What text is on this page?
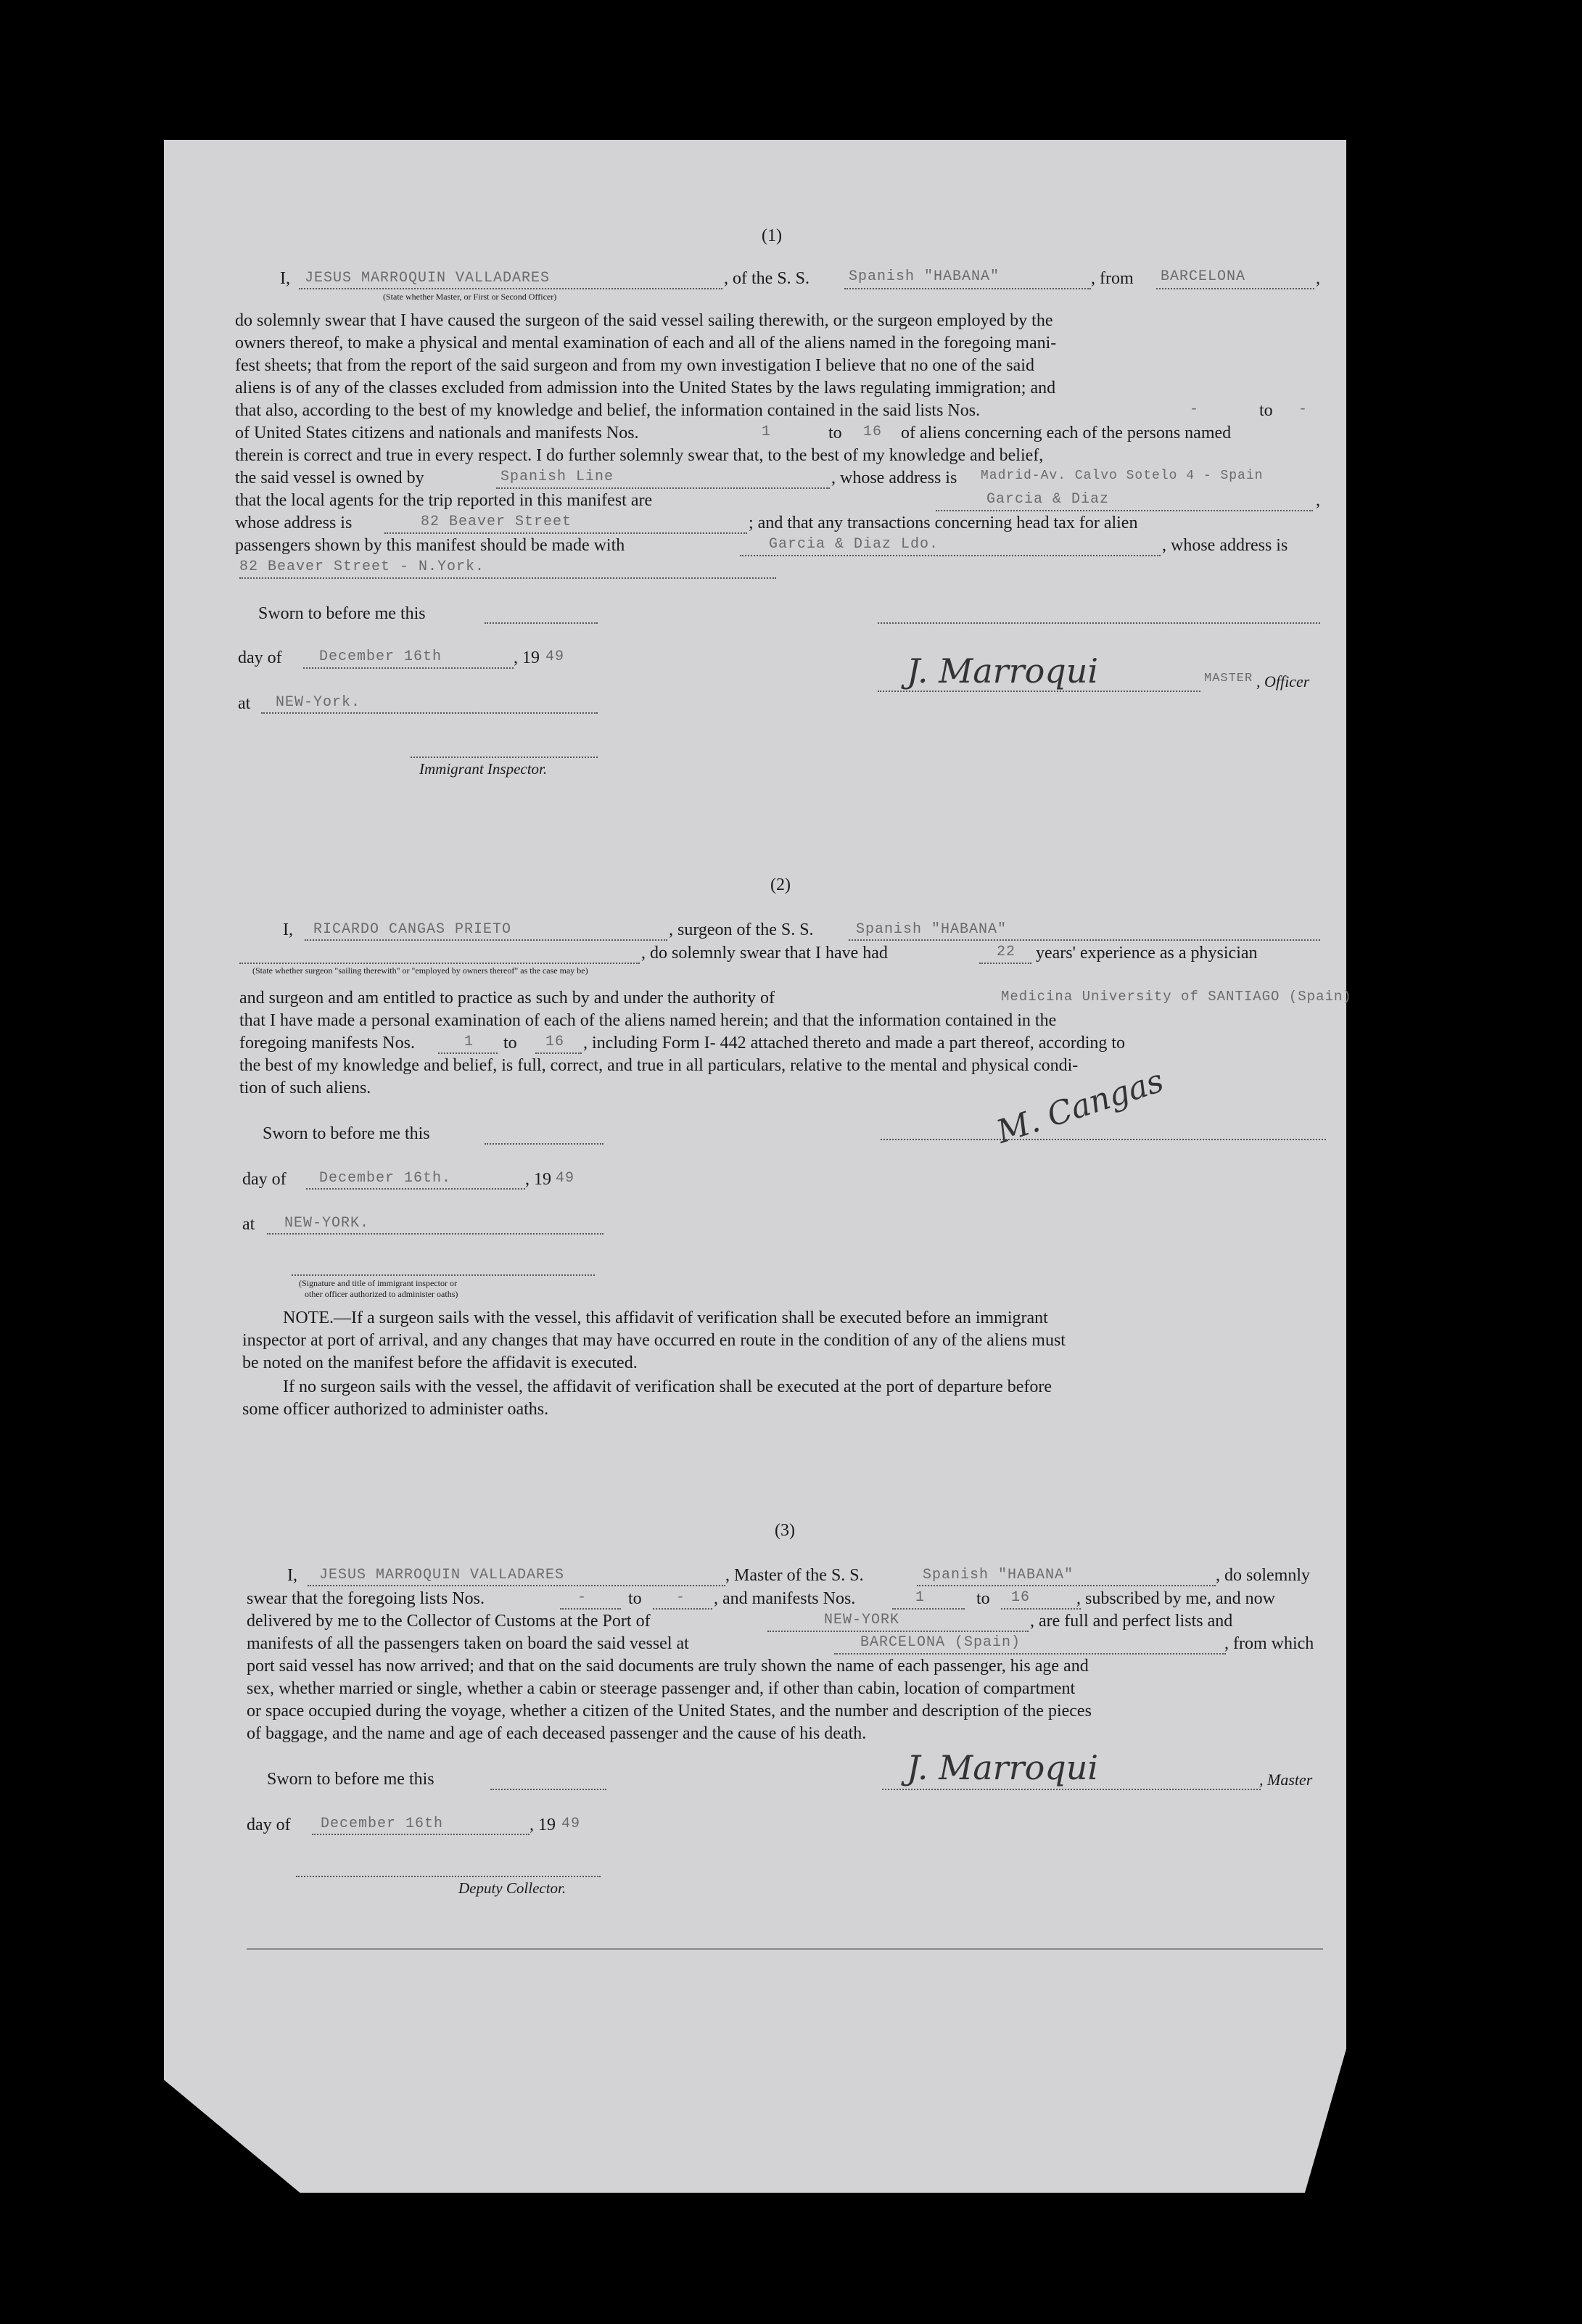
(1)
I, JESUS MARROQUIN VALLADARES	, of the S. S.	Spanish "HABANA"	, from BARCELONA	,
(State whether Master, or First or Second Officer)
do solemnly swear that I have caused the surgeon of the said vessel sailing therewith, or the surgeon employed by the
owners thereof, to make a physical and mental examination of each and all of the aliens named in the foregoing mani-
fest sheets; that from the report of the said surgeon and from my own investigation I believe that no one of the said
aliens is of any of the classes excluded from admission into the United States by the laws regulating immigration; and
that also, according to the best of my knowledge and belief, the information contained in the said lists Nos.	-	to -
of United States citizens and nationals and manifests Nos.	1	to 16 of aliens concerning each of the persons named
therein is correct and true in every respect. I do further solemnly swear that, to the best of my knowledge and belief,
the said vessel is owned by	Spanish Line	, whose address is Madrid-Av. Calvo Sotelo 4 - Spain
that the local agents for the trip reported in this manifest are	Garcia & Diaz	,
whose address is	82 Beaver Street	; and that any transactions concerning head tax for alien
passengers shown by this manifest should be made with	Garcia & Diaz Ldo.	, whose address is
82 Beaver Street - N.York.
Sworn to before me this
day of	December 16th	, 19 49
at NEW-York.
Immigrant Inspector.
J. Marroqui	MASTER , Officer
(2)
I, RICARDO CANGAS PRIETO	, surgeon of the S. S.	Spanish "HABANA"
, do solemnly swear that I have had	22 years' experience as a physician
(State whether surgeon "sailing therewith" or "employed by owners thereof" as the case may be)
and surgeon and am entitled to practice as such by and under the authority of	Medicina University of SANTIAGO (Spain)
that I have made a personal examination of each of the aliens named herein; and that the information contained in the
foregoing manifests Nos.	1 to 16 , including Form I- 442 attached thereto and made a part thereof, according to
the best of my knowledge and belief, is full, correct, and true in all particulars, relative to the mental and physical condi-
tion of such aliens.
Sworn to before me this	M. Cangas
day of December 16th.	, 19 49
at NEW-YORK.
(Signature and title of immigrant inspector or
other officer authorized to administer oaths)
NOTE.—If a surgeon sails with the vessel, this affidavit of verification shall be executed before an immigrant
inspector at port of arrival, and any changes that may have occurred en route in the condition of any of the aliens must
be noted on the manifest before the affidavit is executed.
If no surgeon sails with the vessel, the affidavit of verification shall be executed at the port of departure before
some officer authorized to administer oaths.
(3)
I, JESUS MARROQUIN VALLADARES	, Master of the S. S.	Spanish "HABANA"	, do solemnly
swear that the foregoing lists Nos.	- to - , and manifests Nos.	1	to 16	, subscribed by me, and now
delivered by me to the Collector of Customs at the Port of	NEW-YORK	, are full and perfect lists and
manifests of all the passengers taken on board the said vessel at	BARCELONA (Spain)	, from which
port said vessel has now arrived; and that on the said documents are truly shown the name of each passenger, his age and
sex, whether married or single, whether a cabin or steerage passenger and, if other than cabin, location of compartment
or space occupied during the voyage, whether a citizen of the United States, and the number and description of the pieces
of baggage, and the name and age of each deceased passenger and the cause of his death.
Sworn to before me this	J. Marroqui	, Master
day of December 16th	, 19 49
Deputy Collector.
